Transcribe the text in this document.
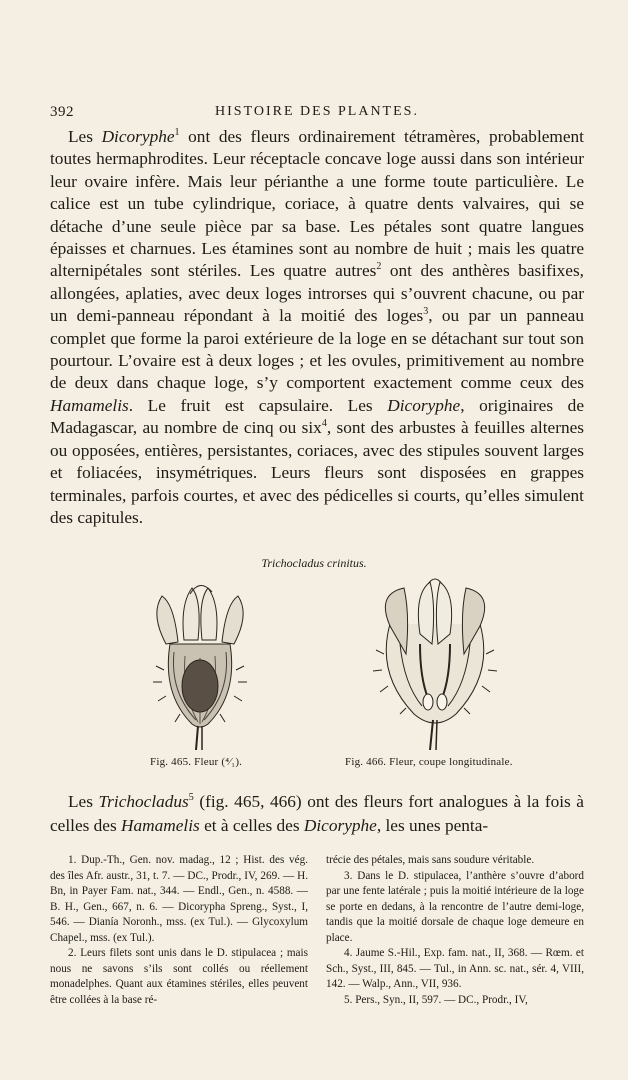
392	HISTOIRE DES PLANTES.

Les Dicoryphe$^1$ ont des fleurs ordinairement tétramères, probablement toutes hermaphrodites. Leur réceptacle concave loge aussi dans son intérieur leur ovaire infère. Mais leur périanthe a une forme toute particulière. Le calice est un tube cylindrique, coriace, à quatre dents valvaires, qui se détache d’une seule pièce par sa base. Les pétales sont quatre langues épaisses et charnues. Les étamines sont au nombre de huit ; mais les quatre alternipétales sont stériles. Les quatre autres$^2$ ont des anthères basifixes, allongées, aplaties, avec deux loges introrses qui s’ouvrent chacune, ou par un demi-panneau répondant à la moitié des loges$^3$, ou par un panneau complet que forme la paroi extérieure de la loge en se détachant sur tout son pourtour. L’ovaire est à deux loges ; et les ovules, primitivement au nombre de deux dans chaque loge, s’y comportent exactement comme ceux des Hamamelis. Le fruit est capsulaire. Les Dicoryphe, originaires de Madagascar, au nombre de cinq ou six$^4$, sont des arbustes à feuilles alternes ou opposées, entières, persistantes, coriaces, avec des stipules souvent larges et foliacées, insymétriques. Leurs fleurs sont disposées en grappes terminales, parfois courtes, et avec des pédicelles si courts, qu’elles simulent des capitules.

Trichocladus crinitus.
Fig. 465. Fleur (⁴⁄₁).	Fig. 466. Fleur, coupe longitudinale.

Les Trichocladus$^5$ (fig. 465, 466) ont des fleurs fort analogues à la fois à celles des Hamamelis et à celles des Dicoryphe, les unes penta-

1. Dup.-Th., Gen. nov. madag., 12 ; Hist. des vég. des îles Afr. austr., 31, t. 7. — DC., Prodr., IV, 269. — H. Bn, in Payer Fam. nat., 344. — Endl., Gen., n. 4588. — B. H., Gen., 667, n. 6. — Dicorypha Spreng., Syst., I, 546. — Dianía Noronh., mss. (ex Tul.). — Glycoxylum Chapel., mss. (ex Tul.).

2. Leurs filets sont unis dans le D. stipulacea ; mais nous ne savons s’ils sont collés ou réellement monadelphes. Quant aux étamines stériles, elles peuvent être collées à la base ré-

trécie des pétales, mais sans soudure véritable.

3. Dans le D. stipulacea, l’anthère s’ouvre d’abord par une fente latérale ; puis la moitié intérieure de la loge se porte en dedans, à la rencontre de l’autre demi-loge, tandis que la moitié dorsale de chaque loge demeure en place.

4. Jaume S.-Hil., Exp. fam. nat., II, 368. — Rœm. et Sch., Syst., III, 845. — Tul., in Ann. sc. nat., sér. 4, VIII, 142. — Walp., Ann., VII, 936.

5. Pers., Syn., II, 597. — DC., Prodr., IV,
